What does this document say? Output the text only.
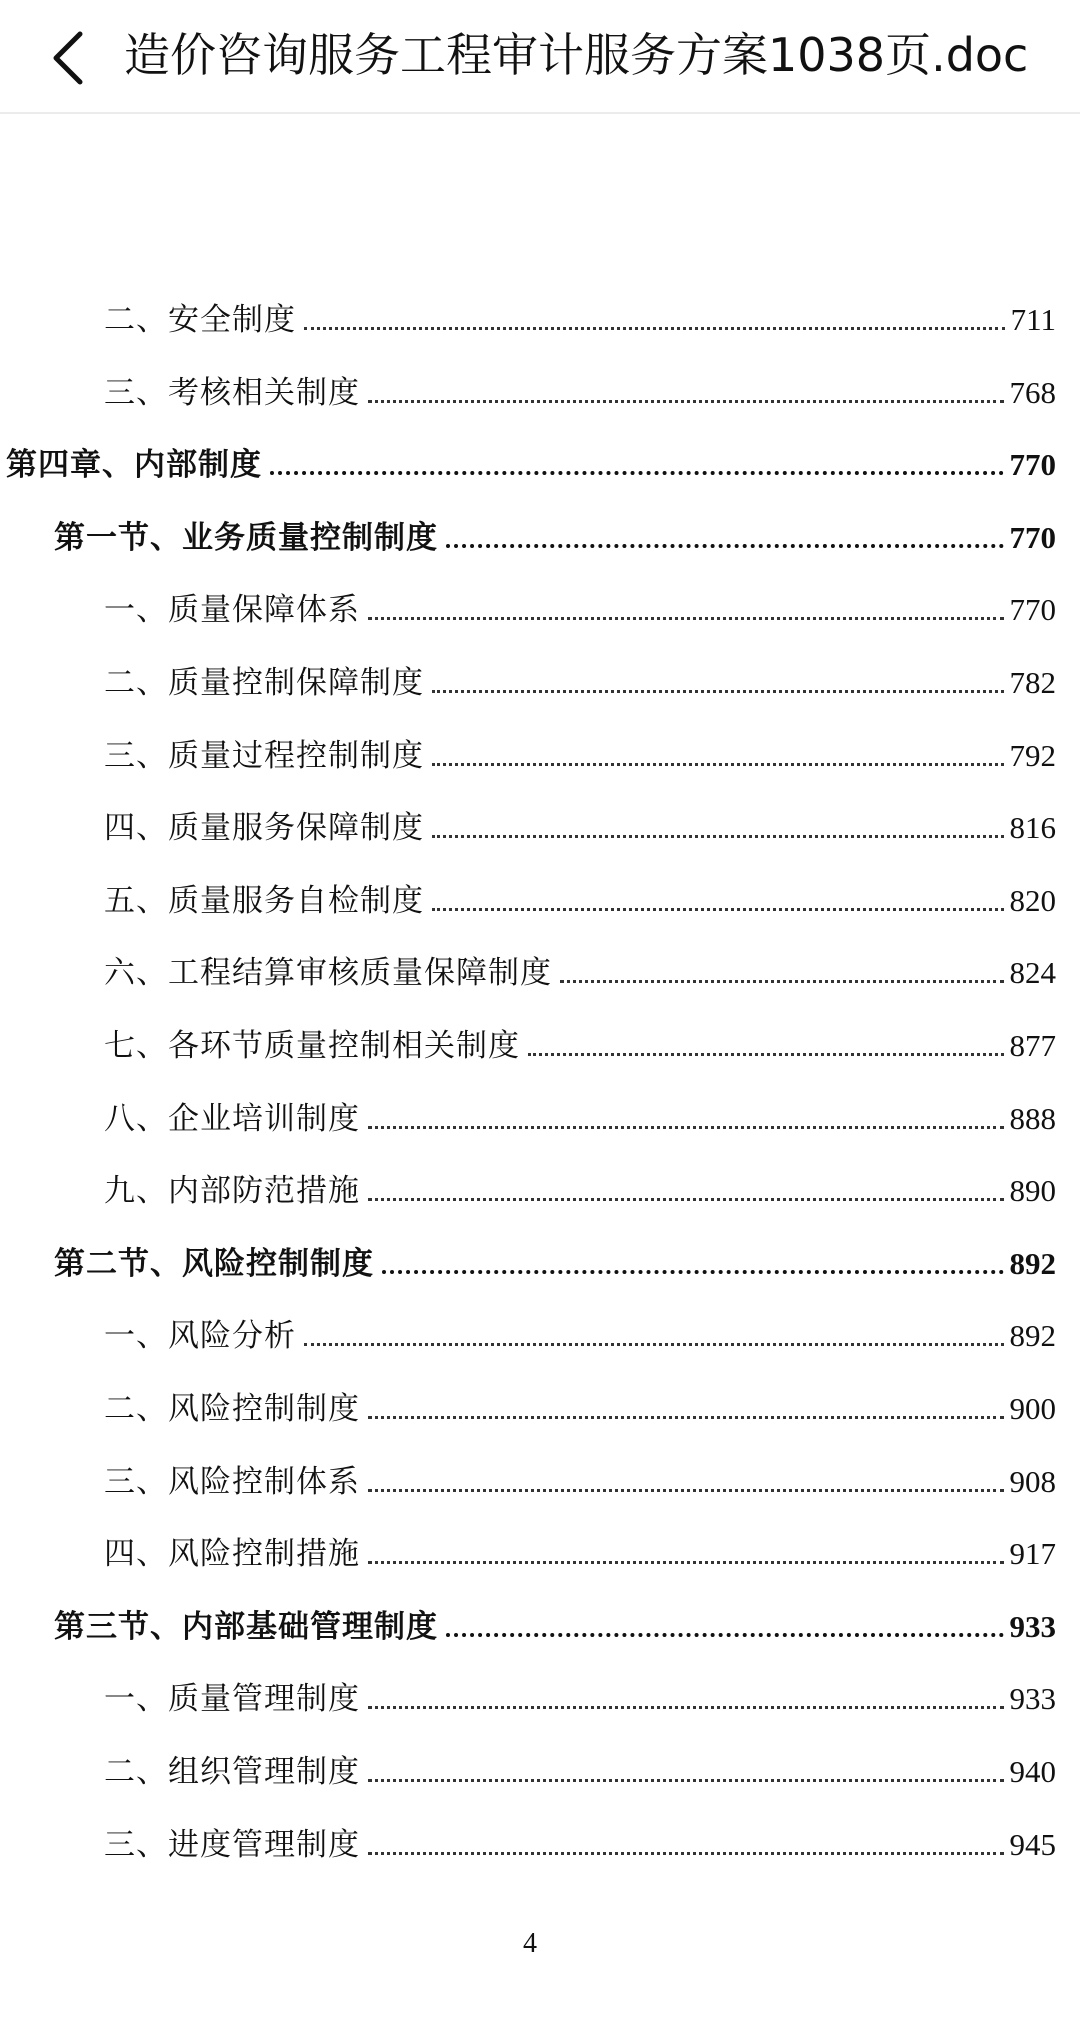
造价咨询服务工程审计服务方案1038页.doc
二、安全制度	711
三、考核相关制度	768
第四章、内部制度	770
第一节、业务质量控制制度	770
一、质量保障体系	770
二、质量控制保障制度	782
三、质量过程控制制度	792
四、质量服务保障制度	816
五、质量服务自检制度	820
六、工程结算审核质量保障制度	824
七、各环节质量控制相关制度	877
八、企业培训制度	888
九、内部防范措施	890
第二节、风险控制制度	892
一、风险分析	892
二、风险控制制度	900
三、风险控制体系	908
四、风险控制措施	917
第三节、内部基础管理制度	933
一、质量管理制度	933
二、组织管理制度	940
三、进度管理制度	945
4
